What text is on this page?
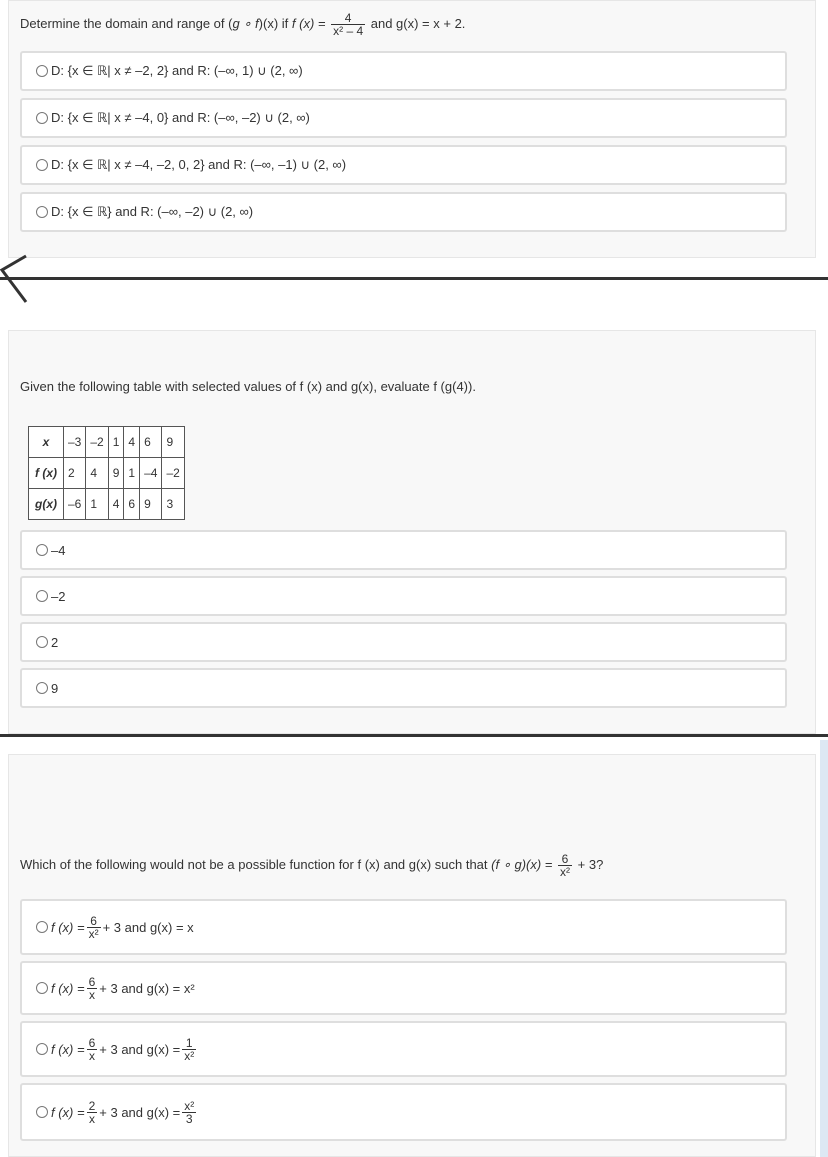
Determine the domain and range of (g ∘ f)(x) if f $(x) = \frac{4}{\text{x² – 4}}$ and g(x) = x + 2.
D: {x ∈ ℝ| x ≠ –2, 2} and R: (–∞, 1) ∪ (2, ∞)
D: {x ∈ ℝ| x ≠ –4, 0} and R: (–∞, –2) ∪ (2, ∞)
D: {x ∈ ℝ| x ≠ –4, –2, 0, 2} and R: (–∞, –1) ∪ (2, ∞)
D: {x ∈ ℝ} and R: (–∞, –2) ∪ (2, ∞)
Given the following table with selected values of f (x) and g(x), evaluate f (g(4)).
x	–3	–2	1	4	6	9
f (x)	2	4	9	1	–4	–2
g(x)	–6	1	4	6	9	3
–4
–2
2
9
Which of the following would not be a possible function for f (x) and g(x) such that (f ∘ $g)(x) = \frac{6}{\text{x²}} + 3$?
f $(x) = \frac{6}{\text{x²}} + 3$ and g(x) = x
f $(x) = \frac{6}{x} + 3$ and g(x) = x²
f $(x) = \frac{6}{x} + 3$ and $g(x) = \frac{1}{\text{x²}}$
f $(x) = \frac{2}{x} + 3$ and $g(x) = \frac{\text{x²}}{3}$
